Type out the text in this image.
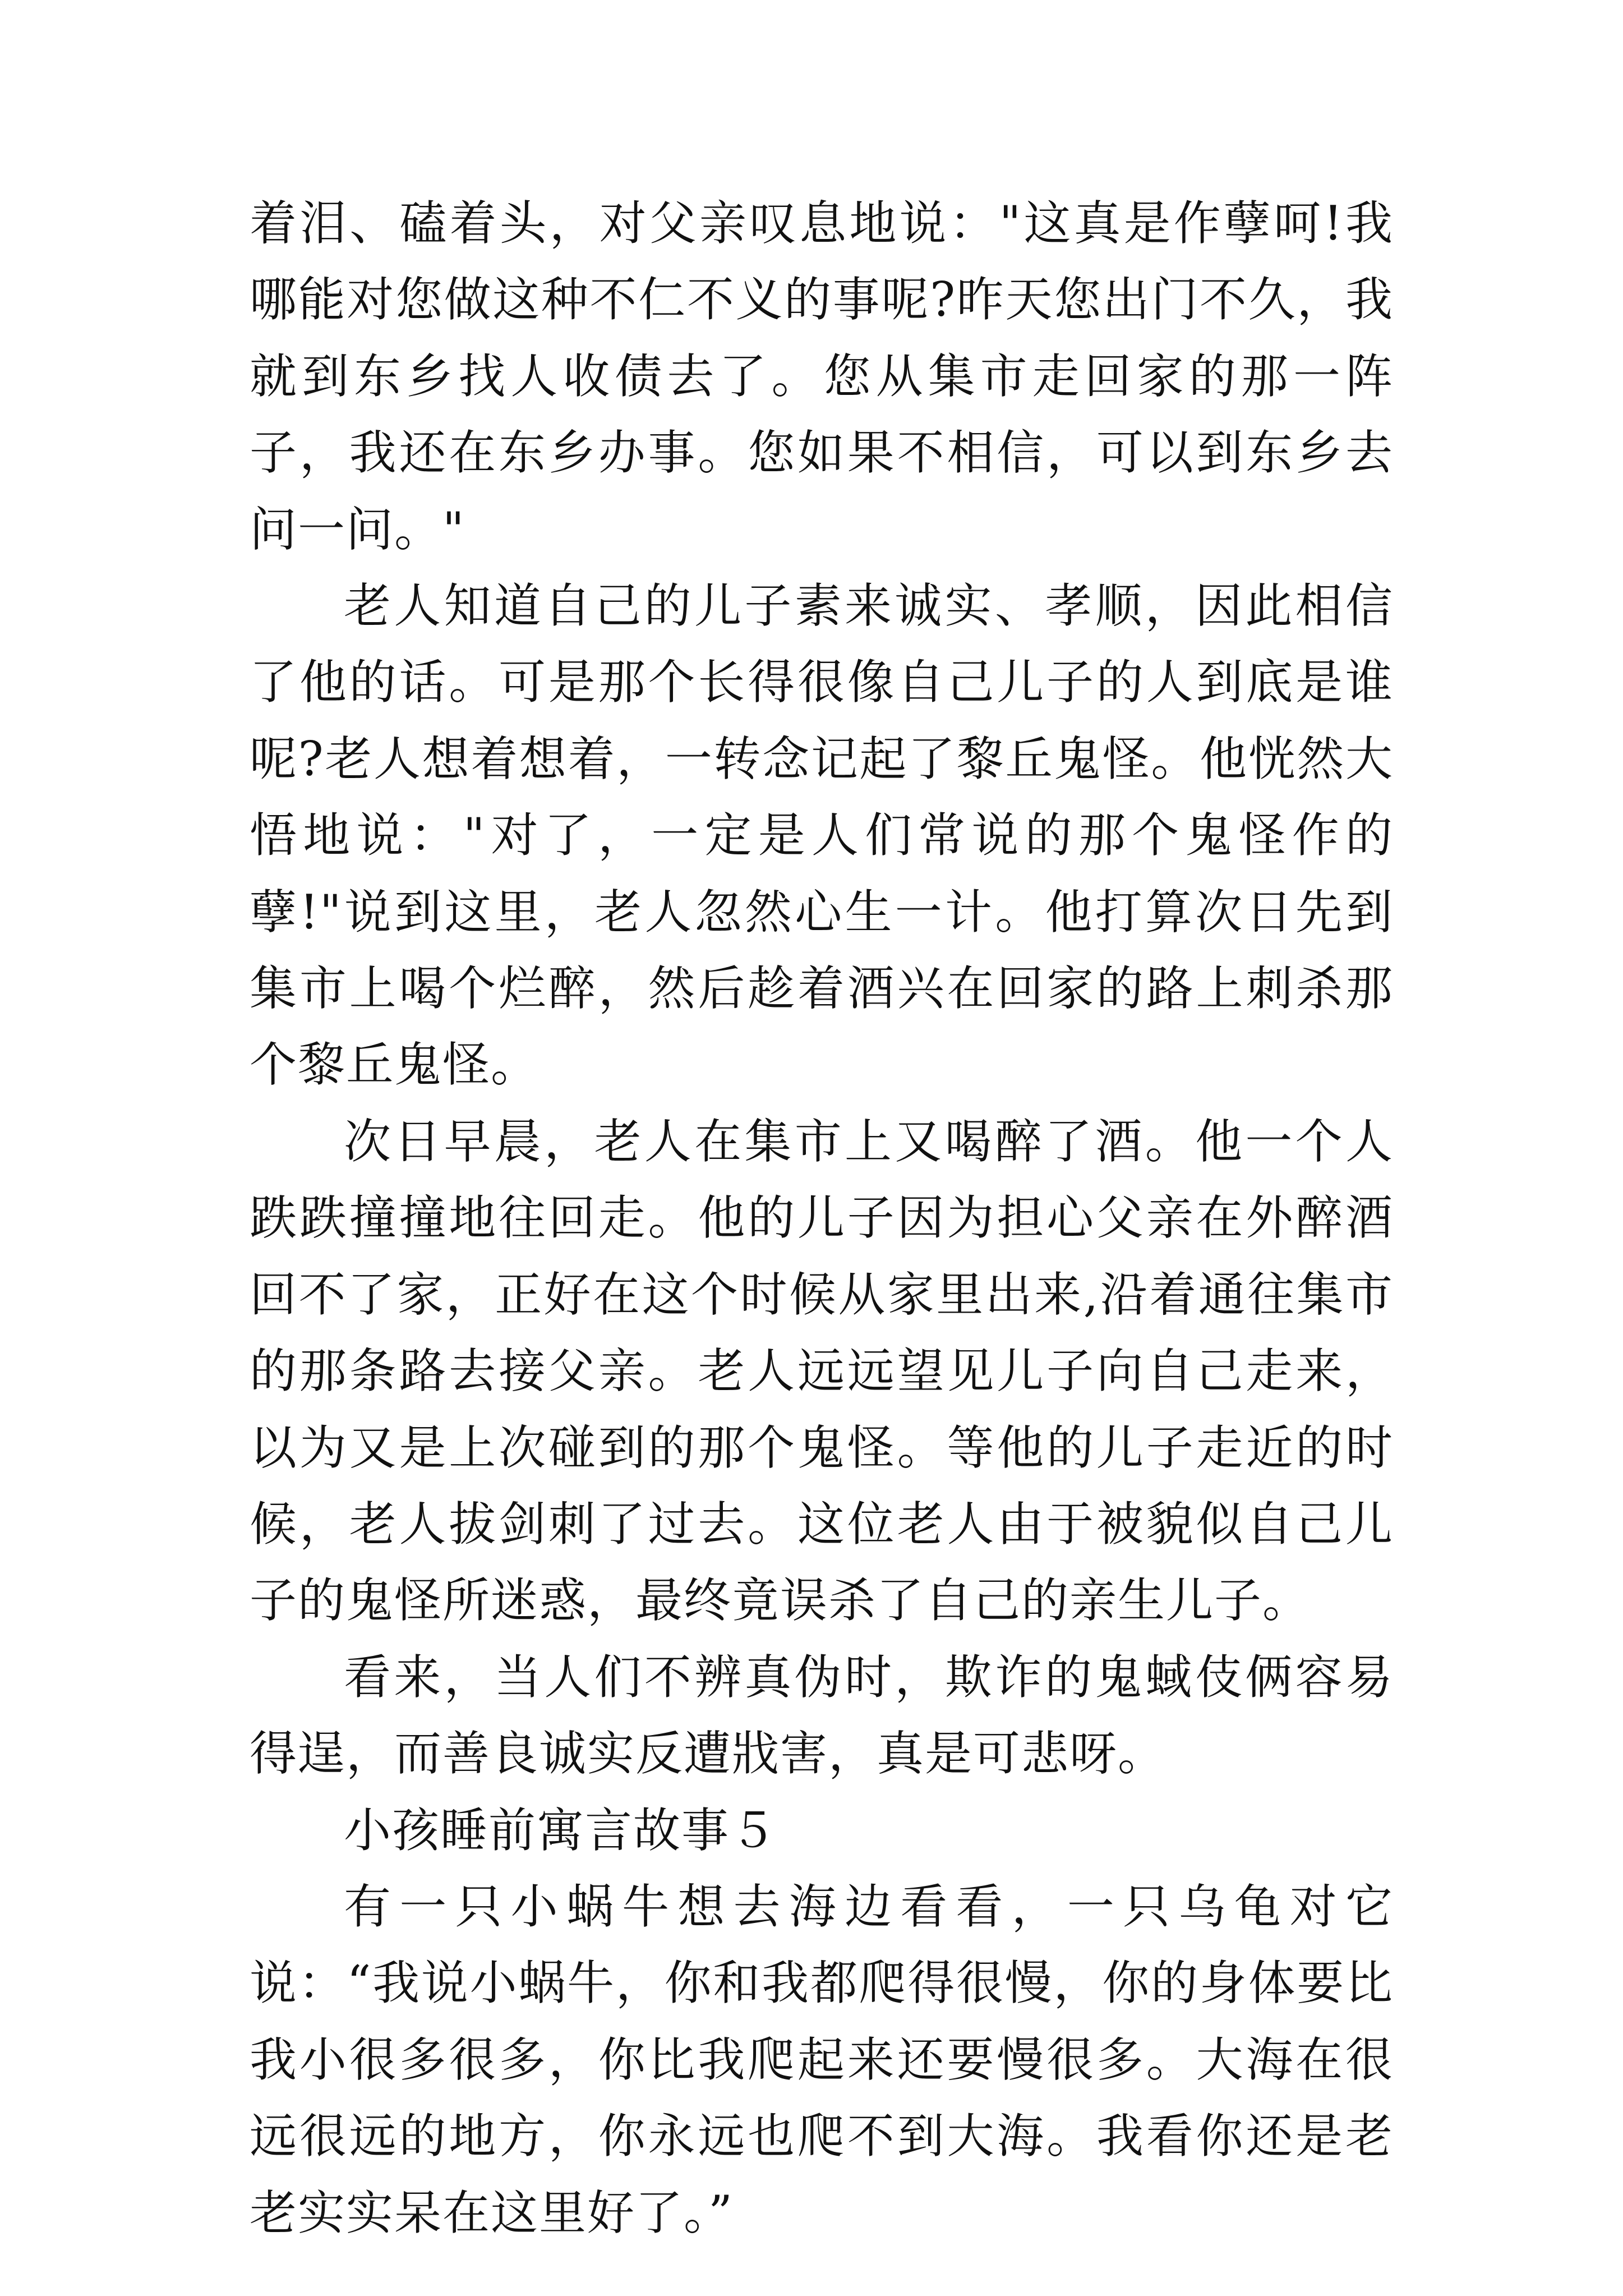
着泪、磕着头，对父亲叹息地说："这真是作孽呵!我哪能对您做这种不仁不义的事呢?昨天您出门不久，我就到东乡找人收债去了。您从集市走回家的那一阵子，我还在东乡办事。您如果不相信，可以到东乡去问一问。"

老人知道自己的儿子素来诚实、孝顺，因此相信了他的话。可是那个长得很像自己儿子的人到底是谁呢?老人想着想着，一转念记起了黎丘鬼怪。他恍然大悟地说："对了，一定是人们常说的那个鬼怪作的孽!"说到这里，老人忽然心生一计。他打算次日先到集市上喝个烂醉，然后趁着酒兴在回家的路上刺杀那个黎丘鬼怪。

次日早晨，老人在集市上又喝醉了酒。他一个人跌跌撞撞地往回走。他的儿子因为担心父亲在外醉酒回不了家，正好在这个时候从家里出来,沿着通往集市的那条路去接父亲。老人远远望见儿子向自己走来，以为又是上次碰到的那个鬼怪。等他的儿子走近的时候，老人拔剑刺了过去。这位老人由于被貌似自己儿子的鬼怪所迷惑，最终竟误杀了自己的亲生儿子。

看来，当人们不辨真伪时，欺诈的鬼蜮伎俩容易得逞，而善良诚实反遭戕害，真是可悲呀。

小孩睡前寓言故事５

有一只小蜗牛想去海边看看，一只乌龟对它说：“我说小蜗牛，你和我都爬得很慢，你的身体要比我小很多很多，你比我爬起来还要慢很多。大海在很远很远的地方，你永远也爬不到大海。我看你还是老老实实呆在这里好了。”
